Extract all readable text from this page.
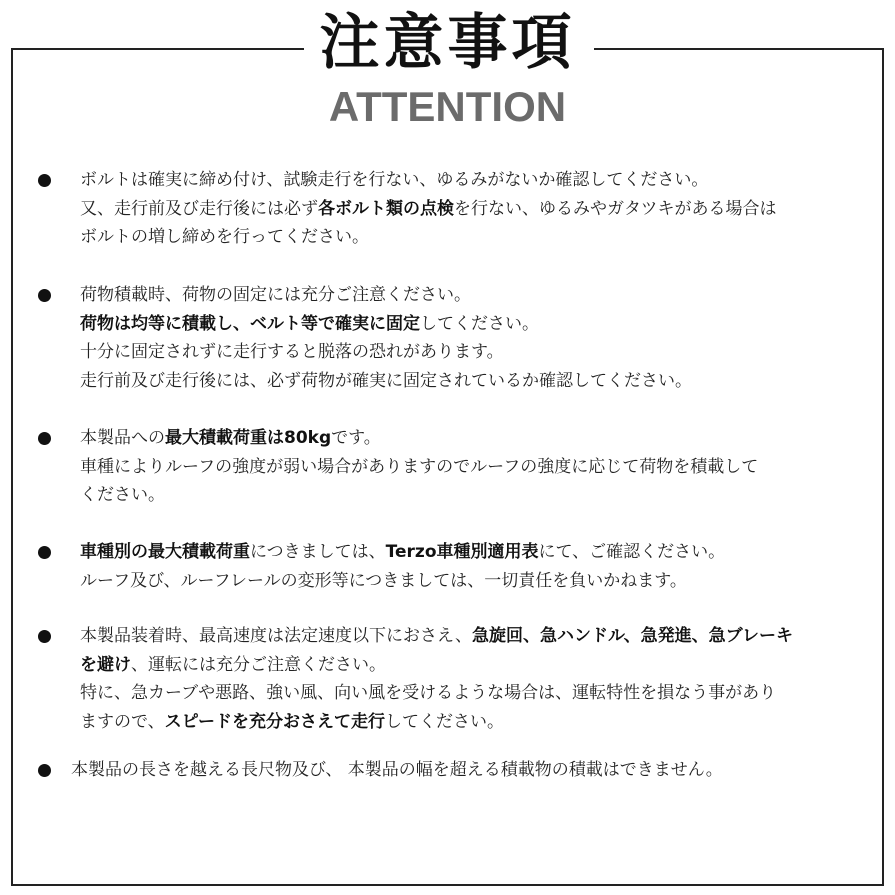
注意事項
ATTENTION
ボルトは確実に締め付け、試験走行を行ない、ゆるみがないか確認してください。
又、走行前及び走行後には必ず各ボルト類の点検を行ない、ゆるみやガタツキがある場合は
ボルトの増し締めを行ってください。
荷物積載時、荷物の固定には充分ご注意ください。
荷物は均等に積載し、ベルト等で確実に固定してください。
十分に固定されずに走行すると脱落の恐れがあります。
走行前及び走行後には、必ず荷物が確実に固定されているか確認してください。
本製品への最大積載荷重は80kgです。
車種によりルーフの強度が弱い場合がありますのでルーフの強度に応じて荷物を積載して
ください。
車種別の最大積載荷重につきましては、Terzo車種別適用表にて、ご確認ください。
ルーフ及び、ルーフレールの変形等につきましては、一切責任を負いかねます。
本製品装着時、最高速度は法定速度以下におさえ、急旋回、急ハンドル、急発進、急ブレーキ
を避け、運転には充分ご注意ください。
特に、急カーブや悪路、強い風、向い風を受けるような場合は、運転特性を損なう事があり
ますので、スピードを充分おさえて走行してください。
本製品の長さを越える長尺物及び、 本製品の幅を超える積載物の積載はできません。
